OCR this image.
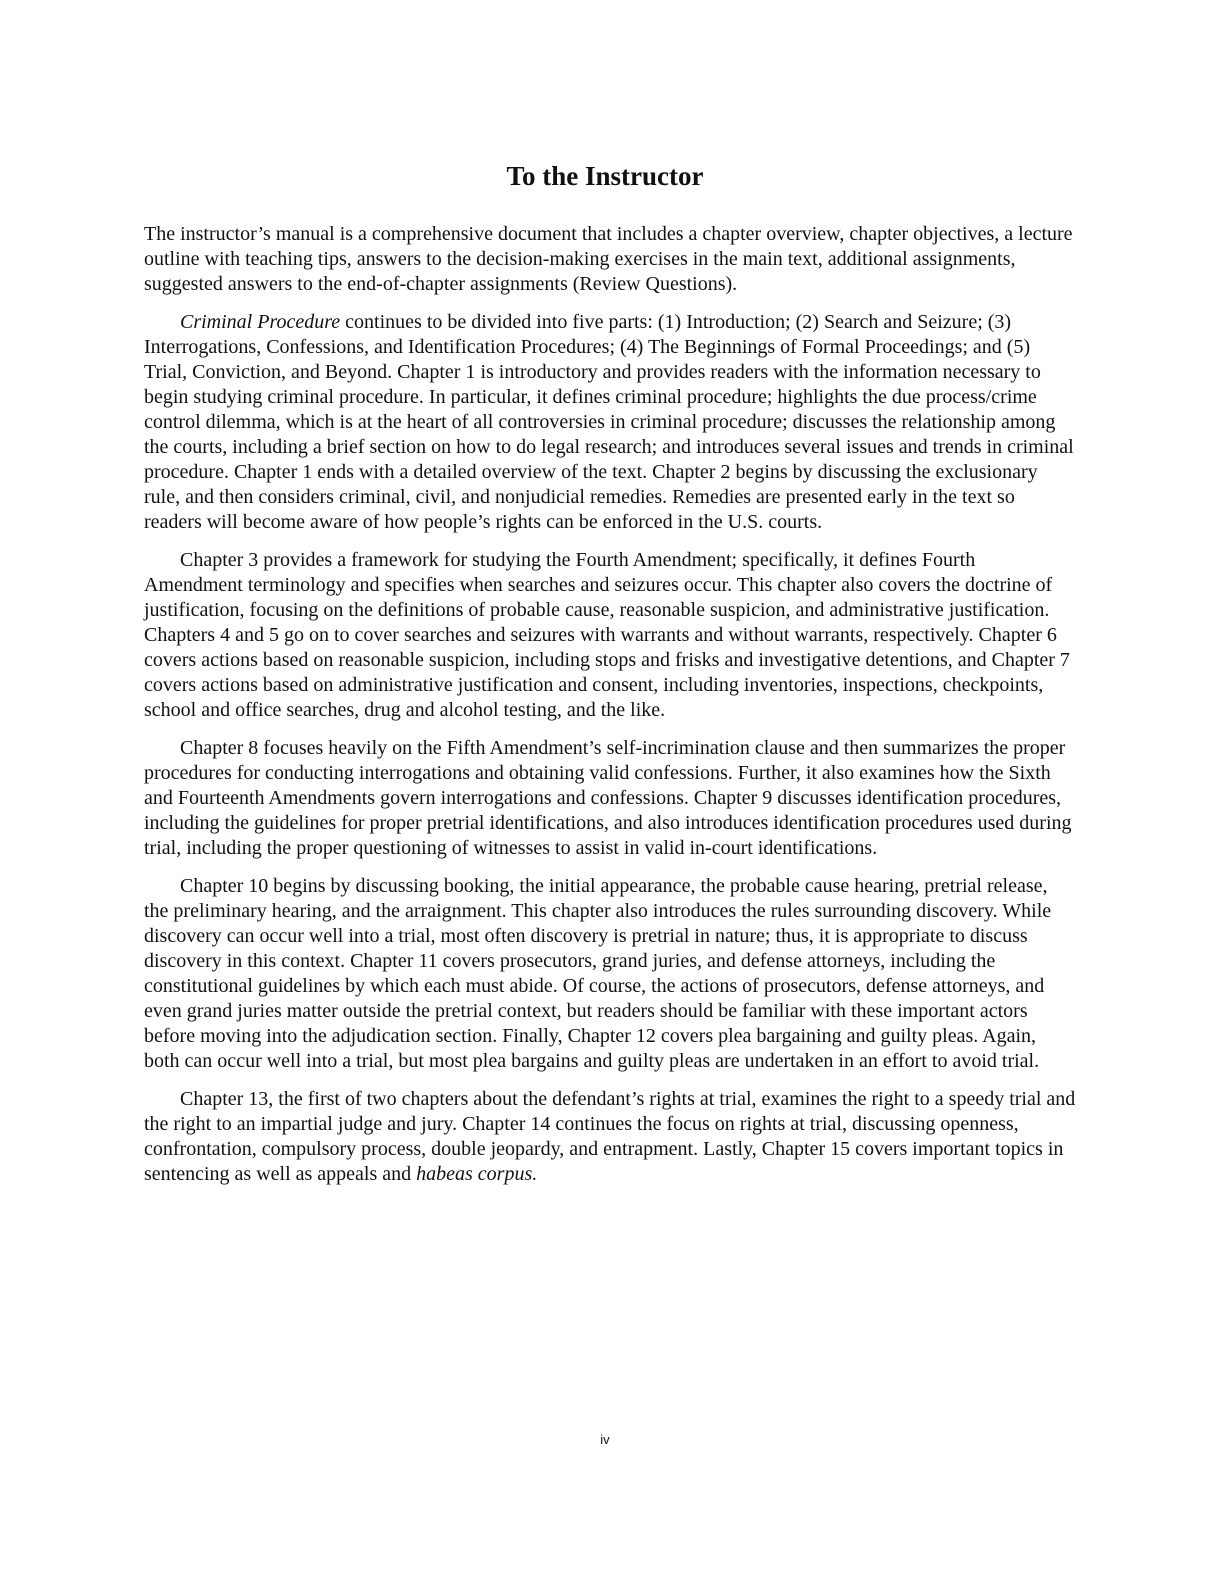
To the Instructor

The instructor’s manual is a comprehensive document that includes a chapter overview, chapter objectives, a lecture outline with teaching tips, answers to the decision-making exercises in the main text, additional assignments, suggested answers to the end-of-chapter assignments (Review Questions).

Criminal Procedure continues to be divided into five parts: (1) Introduction; (2) Search and Seizure; (3) Interrogations, Confessions, and Identification Procedures; (4) The Beginnings of Formal Proceedings; and (5) Trial, Conviction, and Beyond. Chapter 1 is introductory and provides readers with the information necessary to begin studying criminal procedure. In particular, it defines criminal procedure; highlights the due process/crime control dilemma, which is at the heart of all controversies in criminal procedure; discusses the relationship among the courts, including a brief section on how to do legal research; and introduces several issues and trends in criminal procedure. Chapter 1 ends with a detailed overview of the text. Chapter 2 begins by discussing the exclusionary rule, and then considers criminal, civil, and nonjudicial remedies. Remedies are presented early in the text so readers will become aware of how people’s rights can be enforced in the U.S. courts.

Chapter 3 provides a framework for studying the Fourth Amendment; specifically, it defines Fourth Amendment terminology and specifies when searches and seizures occur. This chapter also covers the doctrine of justification, focusing on the definitions of probable cause, reasonable suspicion, and administrative justification. Chapters 4 and 5 go on to cover searches and seizures with warrants and without warrants, respectively. Chapter 6 covers actions based on reasonable suspicion, including stops and frisks and investigative detentions, and Chapter 7 covers actions based on administrative justification and consent, including inventories, inspections, checkpoints, school and office searches, drug and alcohol testing, and the like.

Chapter 8 focuses heavily on the Fifth Amendment’s self-incrimination clause and then summarizes the proper procedures for conducting interrogations and obtaining valid confessions. Further, it also examines how the Sixth and Fourteenth Amendments govern interrogations and confessions. Chapter 9 discusses identification procedures, including the guidelines for proper pretrial identifications, and also introduces identification procedures used during trial, including the proper questioning of witnesses to assist in valid in-court identifications.

Chapter 10 begins by discussing booking, the initial appearance, the probable cause hearing, pretrial release, the preliminary hearing, and the arraignment. This chapter also introduces the rules surrounding discovery. While discovery can occur well into a trial, most often discovery is pretrial in nature; thus, it is appropriate to discuss discovery in this context. Chapter 11 covers prosecutors, grand juries, and defense attorneys, including the constitutional guidelines by which each must abide. Of course, the actions of prosecutors, defense attorneys, and even grand juries matter outside the pretrial context, but readers should be familiar with these important actors before moving into the adjudication section. Finally, Chapter 12 covers plea bargaining and guilty pleas. Again, both can occur well into a trial, but most plea bargains and guilty pleas are undertaken in an effort to avoid trial.

Chapter 13, the first of two chapters about the defendant’s rights at trial, examines the right to a speedy trial and the right to an impartial judge and jury. Chapter 14 continues the focus on rights at trial, discussing openness, confrontation, compulsory process, double jeopardy, and entrapment. Lastly, Chapter 15 covers important topics in sentencing as well as appeals and habeas corpus.

iv
